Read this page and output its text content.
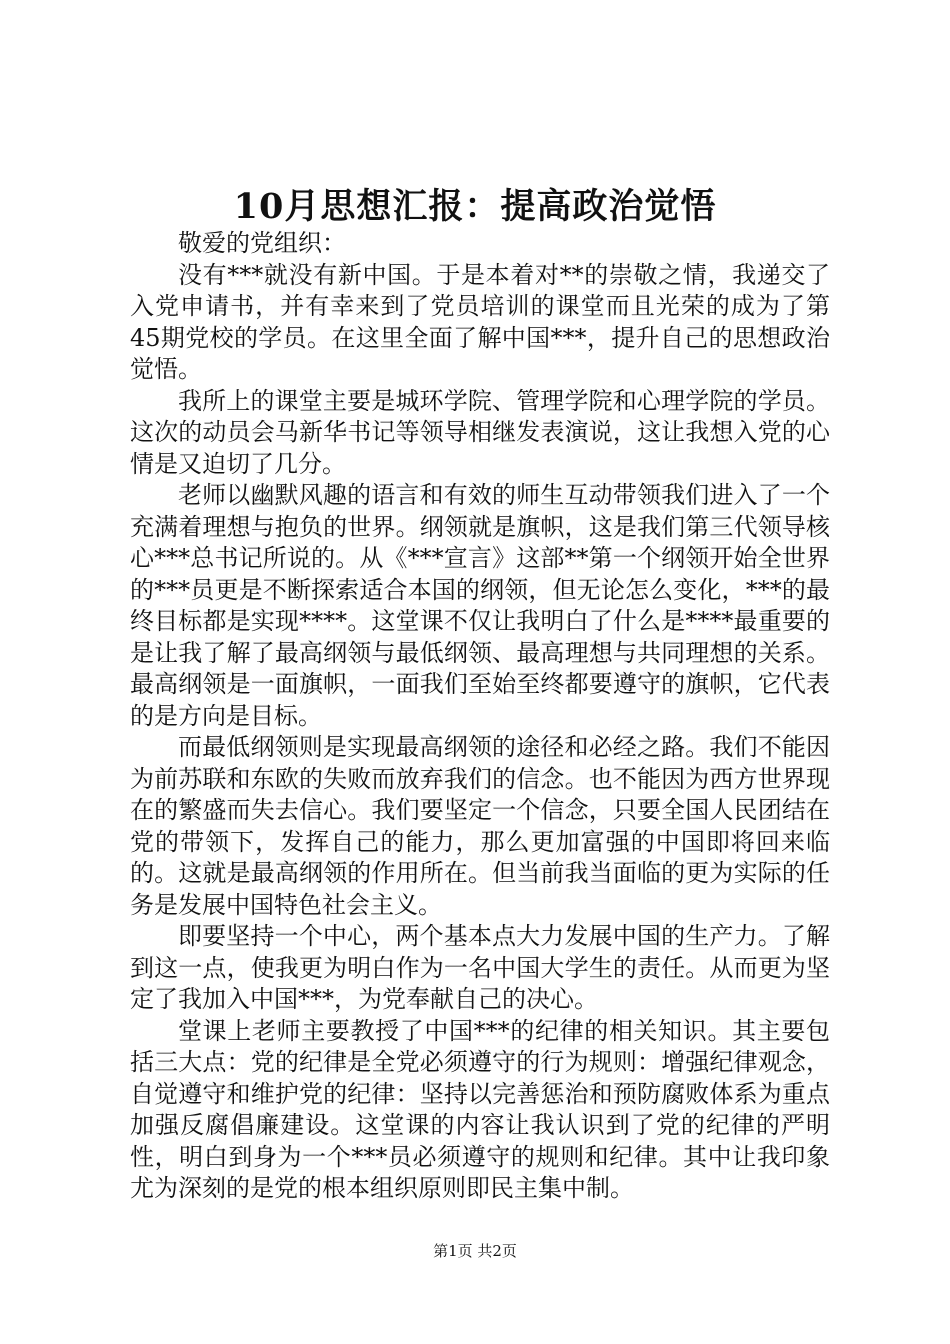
10月思想汇报：提高政治觉悟

敬爱的党组织：

没有***就没有新中国。于是本着对**的崇敬之情，我递交了入党申请书，并有幸来到了党员培训的课堂而且光荣的成为了第45期党校的学员。在这里全面了解中国***，提升自己的思想政治觉悟。

我所上的课堂主要是城环学院、管理学院和心理学院的学员。这次的动员会马新华书记等领导相继发表演说，这让我想入党的心情是又迫切了几分。

老师以幽默风趣的语言和有效的师生互动带领我们进入了一个充满着理想与抱负的世界。纲领就是旗帜，这是我们第三代领导核心***总书记所说的。从《***宣言》这部**第一个纲领开始全世界的***员更是不断探索适合本国的纲领，但无论怎么变化，***的最终目标都是实现****。这堂课不仅让我明白了什么是****最重要的是让我了解了最高纲领与最低纲领、最高理想与共同理想的关系。最高纲领是一面旗帜，一面我们至始至终都要遵守的旗帜，它代表的是方向是目标。

而最低纲领则是实现最高纲领的途径和必经之路。我们不能因为前苏联和东欧的失败而放弃我们的信念。也不能因为西方世界现在的繁盛而失去信心。我们要坚定一个信念，只要全国人民团结在党的带领下，发挥自己的能力，那么更加富强的中国即将回来临的。这就是最高纲领的作用所在。但当前我当面临的更为实际的任务是发展中国特色社会主义。

即要坚持一个中心，两个基本点大力发展中国的生产力。了解到这一点，使我更为明白作为一名中国大学生的责任。从而更为坚定了我加入中国***，为党奉献自己的决心。

堂课上老师主要教授了中国***的纪律的相关知识。其主要包括三大点：党的纪律是全党必须遵守的行为规则：增强纪律观念，自觉遵守和维护党的纪律：坚持以完善惩治和预防腐败体系为重点加强反腐倡廉建设。这堂课的内容让我认识到了党的纪律的严明性，明白到身为一个***员必须遵守的规则和纪律。其中让我印象尤为深刻的是党的根本组织原则即民主集中制。

第1页 共2页
